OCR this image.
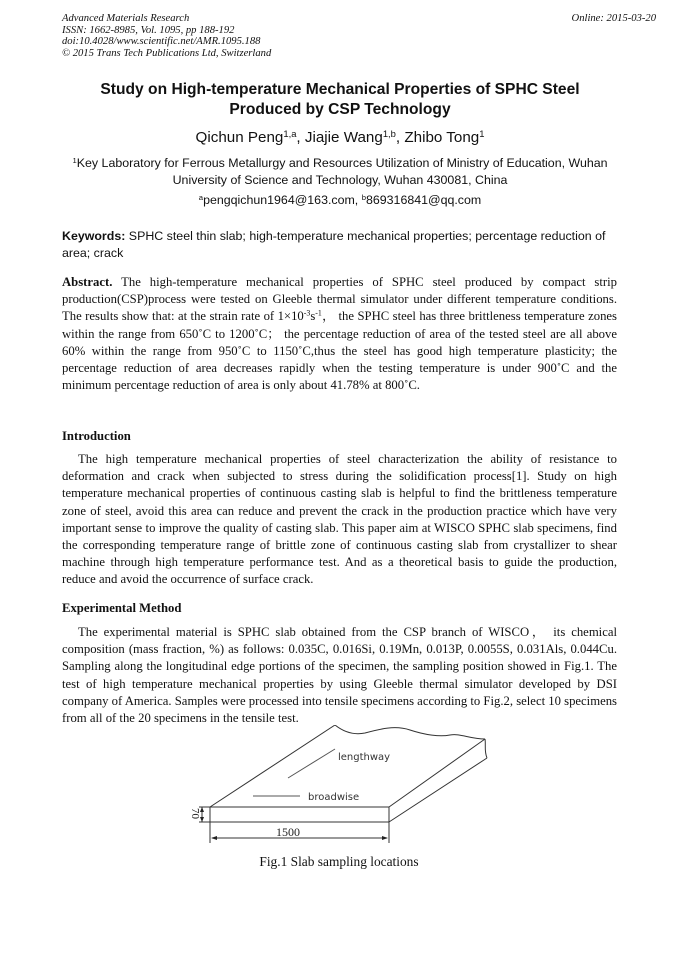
Advanced Materials Research
ISSN: 1662-8985, Vol. 1095, pp 188-192
doi:10.4028/www.scientific.net/AMR.1095.188
© 2015 Trans Tech Publications Ltd, Switzerland
Online: 2015-03-20
Study on High-temperature Mechanical Properties of SPHC Steel
Produced by CSP Technology
Qichun Peng$^{1,a}$, Jiajie Wang$^{1,b}$, Zhibo Tong$^1$
$^1$Key Laboratory for Ferrous Metallurgy and Resources Utilization of Ministry of Education, Wuhan
University of Science and Technology, Wuhan 430081, China
$^a$pengqichun1964@163.com, $^b$869316841@qq.com
Keywords: SPHC steel thin slab; high-temperature mechanical properties; percentage reduction of area; crack
Abstract. The high-temperature mechanical properties of SPHC steel produced by compact strip production(CSP)process were tested on Gleeble thermal simulator under different temperature conditions. The results show that: at the strain rate of $1\times 10^{-3}s^{-1}$， the SPHC steel has three brittleness temperature zones within the range from 650˚C to 1200˚C； the percentage reduction of area of the tested steel are all above 60% within the range from 950˚C to 1150˚C,thus the steel has good high temperature plasticity; the percentage reduction of area decreases rapidly when the testing temperature is under 900˚C and the minimum percentage reduction of area is only about 41.78% at 800˚C.
Introduction
The high temperature mechanical properties of steel characterization the ability of resistance to deformation and crack when subjected to stress during the solidification process[1]. Study on high temperature mechanical properties of continuous casting slab is helpful to find the brittleness temperature zone of steel, avoid this area can reduce and prevent the crack in the production practice which have very important sense to improve the quality of casting slab. This paper aim at WISCO SPHC slab specimens, find the corresponding temperature range of brittle zone of continuous casting slab from crystallizer to shear machine through high temperature performance test. And as a theoretical basis to guide the production, reduce and avoid the occurrence of surface crack.
Experimental Method
The experimental material is SPHC slab obtained from the CSP branch of WISCO， its chemical composition (mass fraction, %) as follows: 0.035C, 0.016Si, 0.19Mn, 0.013P, 0.0055S, 0.031Als, 0.044Cu. Sampling along the longitudinal edge portions of the specimen, the sampling position showed in Fig.1. The test of high temperature mechanical properties by using Gleeble thermal simulator developed by DSI company of America. Samples were processed into tensile specimens according to Fig.2, select 10 specimens from all of the 20 specimens in the tensile test.
lengthway
broadwise
70
1500
Fig.1 Slab sampling locations
